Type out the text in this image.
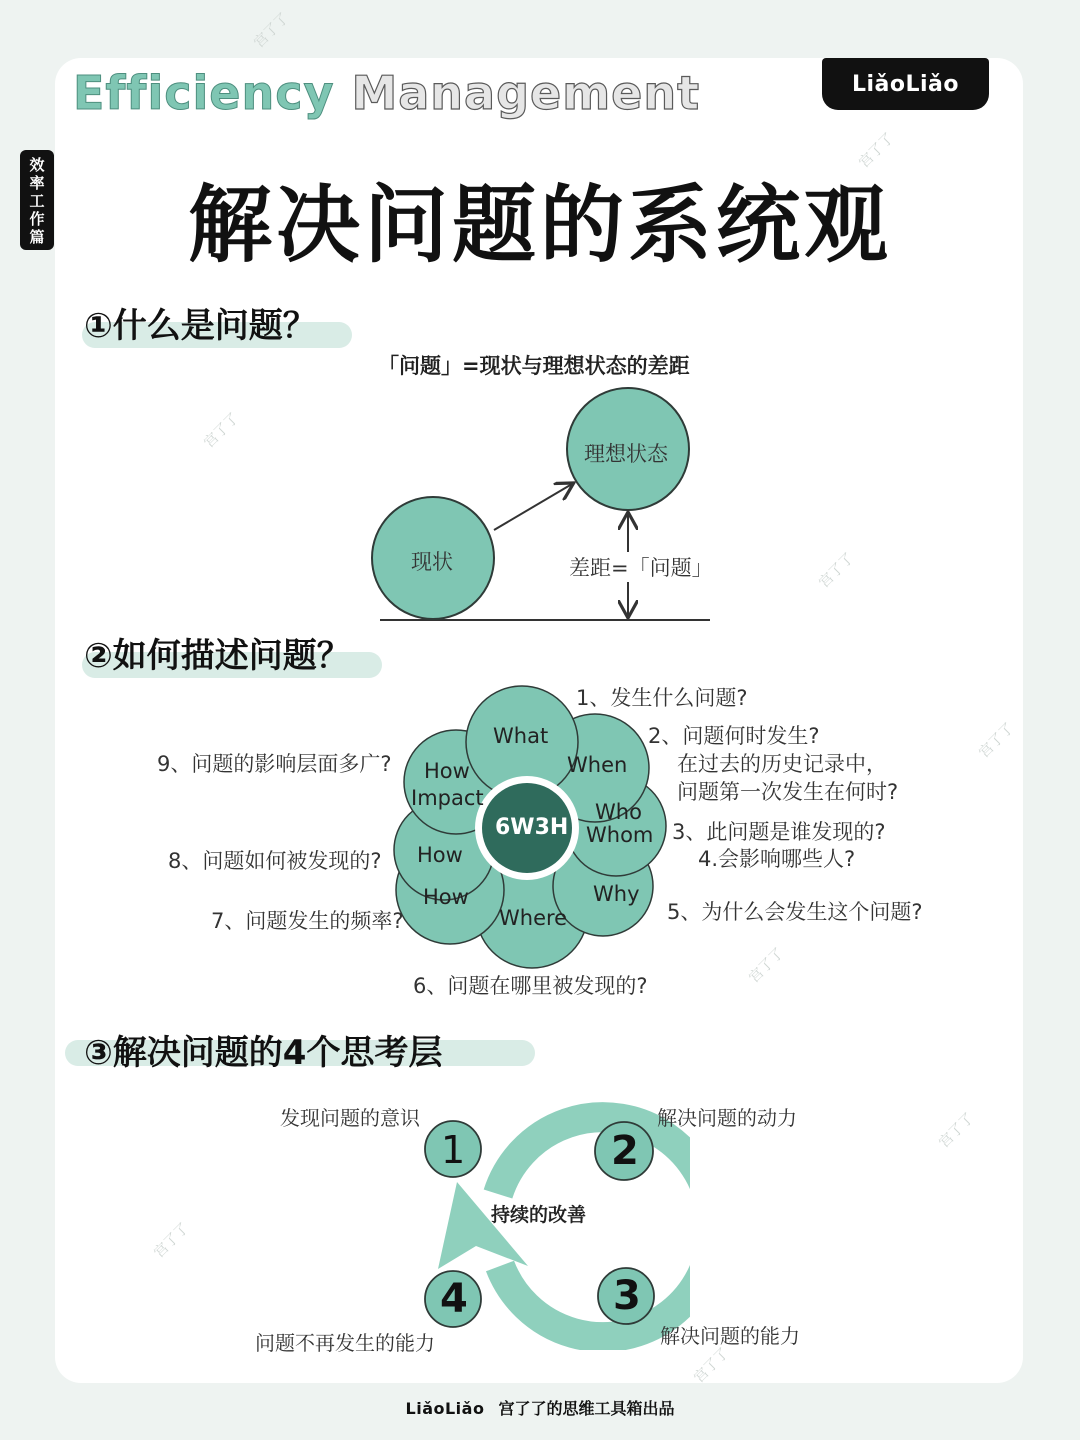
宫了了
宫了了
宫了了
宫了了
宫了了
宫了了
宫了了
宫了了
宫了了
Efficiency Management	LiǎoLiǎo
效
率
工
作
篇	解决问题的系统观
①什么是问题？
「问题」=现状与理想状态的差距
现状
理想状态
差距=「问题」
②如何描述问题？
6W3H
What
When
Who
Whom
Why
Where
How
How
How
Impact
1、发生什么问题?
2、问题何时发生?
在过去的历史记录中，
问题第一次发生在何时?
3、此问题是谁发现的?
4.会影响哪些人?
5、为什么会发生这个问题?
6、问题在哪里被发现的?
7、问题发生的频率?
8、问题如何被发现的?
9、问题的影响层面多广?
③解决问题的4个思考层
1	2
3
4
持续的改善
发现问题的意识	解决问题的动力
解决问题的能力
问题不再发生的能力
LiǎoLiǎo 宫了了的思维工具箱出品
